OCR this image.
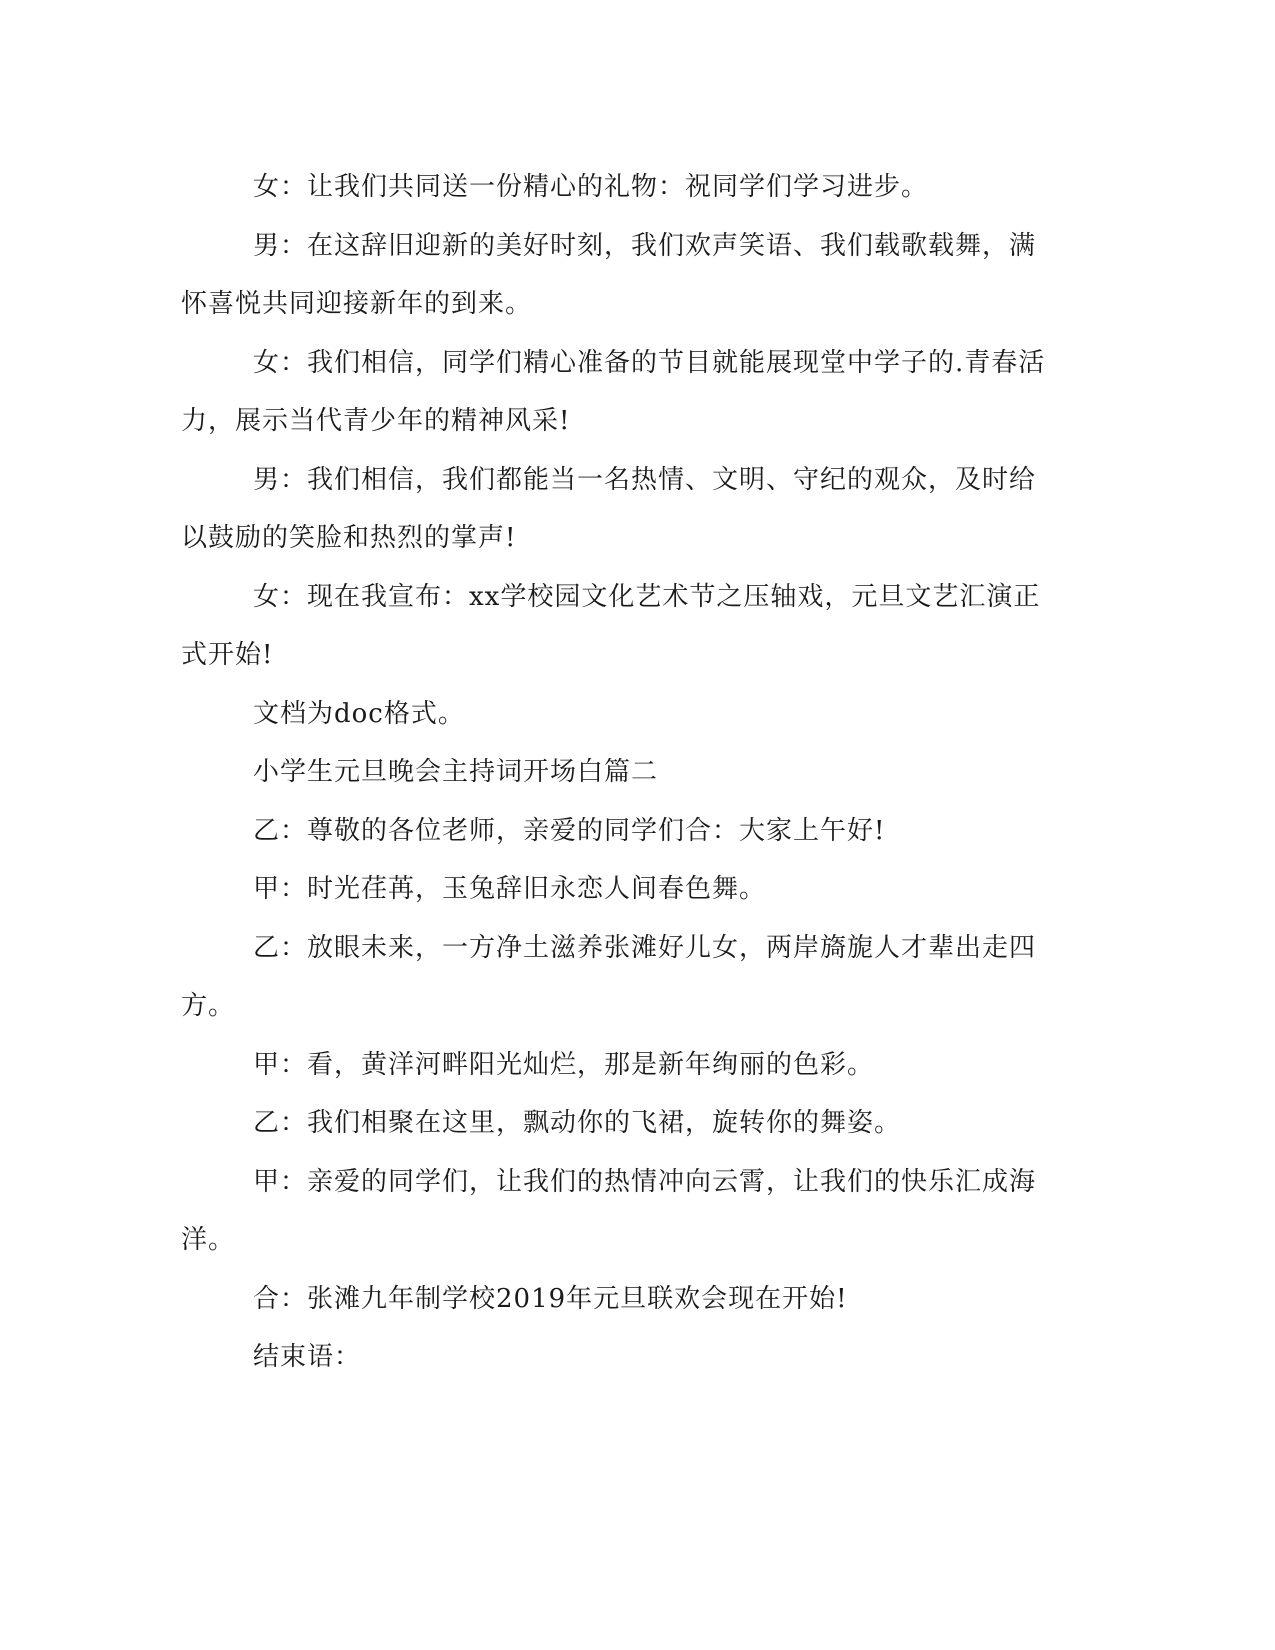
女：让我们共同送一份精心的礼物：祝同学们学习进步。

男：在这辞旧迎新的美好时刻，我们欢声笑语、我们载歌载舞，满怀喜悦共同迎接新年的到来。

女：我们相信，同学们精心准备的节目就能展现堂中学子的.青春活力，展示当代青少年的精神风采!

男：我们相信，我们都能当一名热情、文明、守纪的观众，及时给以鼓励的笑脸和热烈的掌声!

女：现在我宣布：xx学校园文化艺术节之压轴戏，元旦文艺汇演正式开始!

文档为doc格式。

小学生元旦晚会主持词开场白篇二

乙：尊敬的各位老师，亲爱的同学们合：大家上午好!

甲：时光荏苒，玉兔辞旧永恋人间春色舞。

乙：放眼未来，一方净土滋养张滩好儿女，两岸旖旎人才辈出走四方。

甲：看，黄洋河畔阳光灿烂，那是新年绚丽的色彩。

乙：我们相聚在这里，飘动你的飞裙，旋转你的舞姿。

甲：亲爱的同学们，让我们的热情冲向云霄，让我们的快乐汇成海洋。

合：张滩九年制学校2019年元旦联欢会现在开始!

结束语：
